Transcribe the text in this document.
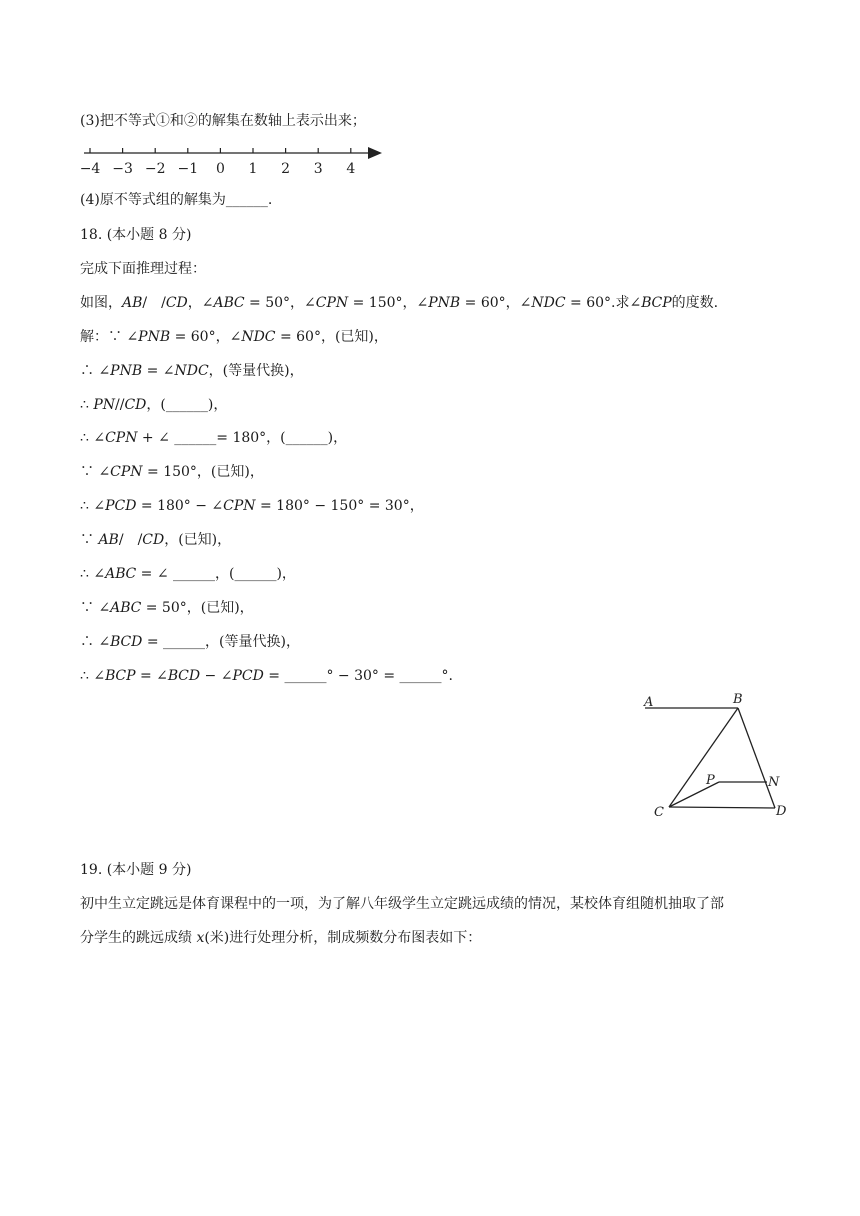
(3)把不等式①和②的解集在数轴上表示出来；
−4 −3 −2 −1 0 1 2 3 4
(4)原不等式组的解集为______.
18. (本小题 8 分)
完成下面推理过程：
如图，𝐴𝐵/　/𝐶𝐷，∠𝐴𝐵𝐶 = 50°，∠𝐶𝑃𝑁 = 150°，∠𝑃𝑁𝐵 = 60°，∠𝑁𝐷𝐶 = 60°.求∠𝐵𝐶𝑃的度数.
解：∵ ∠𝑃𝑁𝐵 = 60°，∠𝑁𝐷𝐶 = 60°，(已知)，
∴ ∠𝑃𝑁𝐵 = ∠𝑁𝐷𝐶，(等量代换)，
∴ 𝑃𝑁//𝐶𝐷，(______)，
∴ ∠𝐶𝑃𝑁 + ∠ ______= 180°，(______)，
∵ ∠𝐶𝑃𝑁 = 150°，(已知)，
∴ ∠𝑃𝐶𝐷 = 180° − ∠𝐶𝑃𝑁 = 180° − 150° = 30°，
∵ 𝐴𝐵/　/𝐶𝐷，(已知)，
∴ ∠𝐴𝐵𝐶 = ∠ ______，(______)，
∵ ∠𝐴𝐵𝐶 = 50°，(已知)，
∴ ∠𝐵𝐶𝐷 = ______，(等量代换)，
∴ ∠𝐵𝐶𝑃 = ∠𝐵𝐶𝐷 − ∠𝑃𝐶𝐷 = ______° − 30° = ______°.
A	B
P	N
C	D
19. (本小题 9 分)
初中生立定跳远是体育课程中的一项，为了解八年级学生立定跳远成绩的情况，某校体育组随机抽取了部
分学生的跳远成绩 𝑥(米)进行处理分析，制成频数分布图表如下：
